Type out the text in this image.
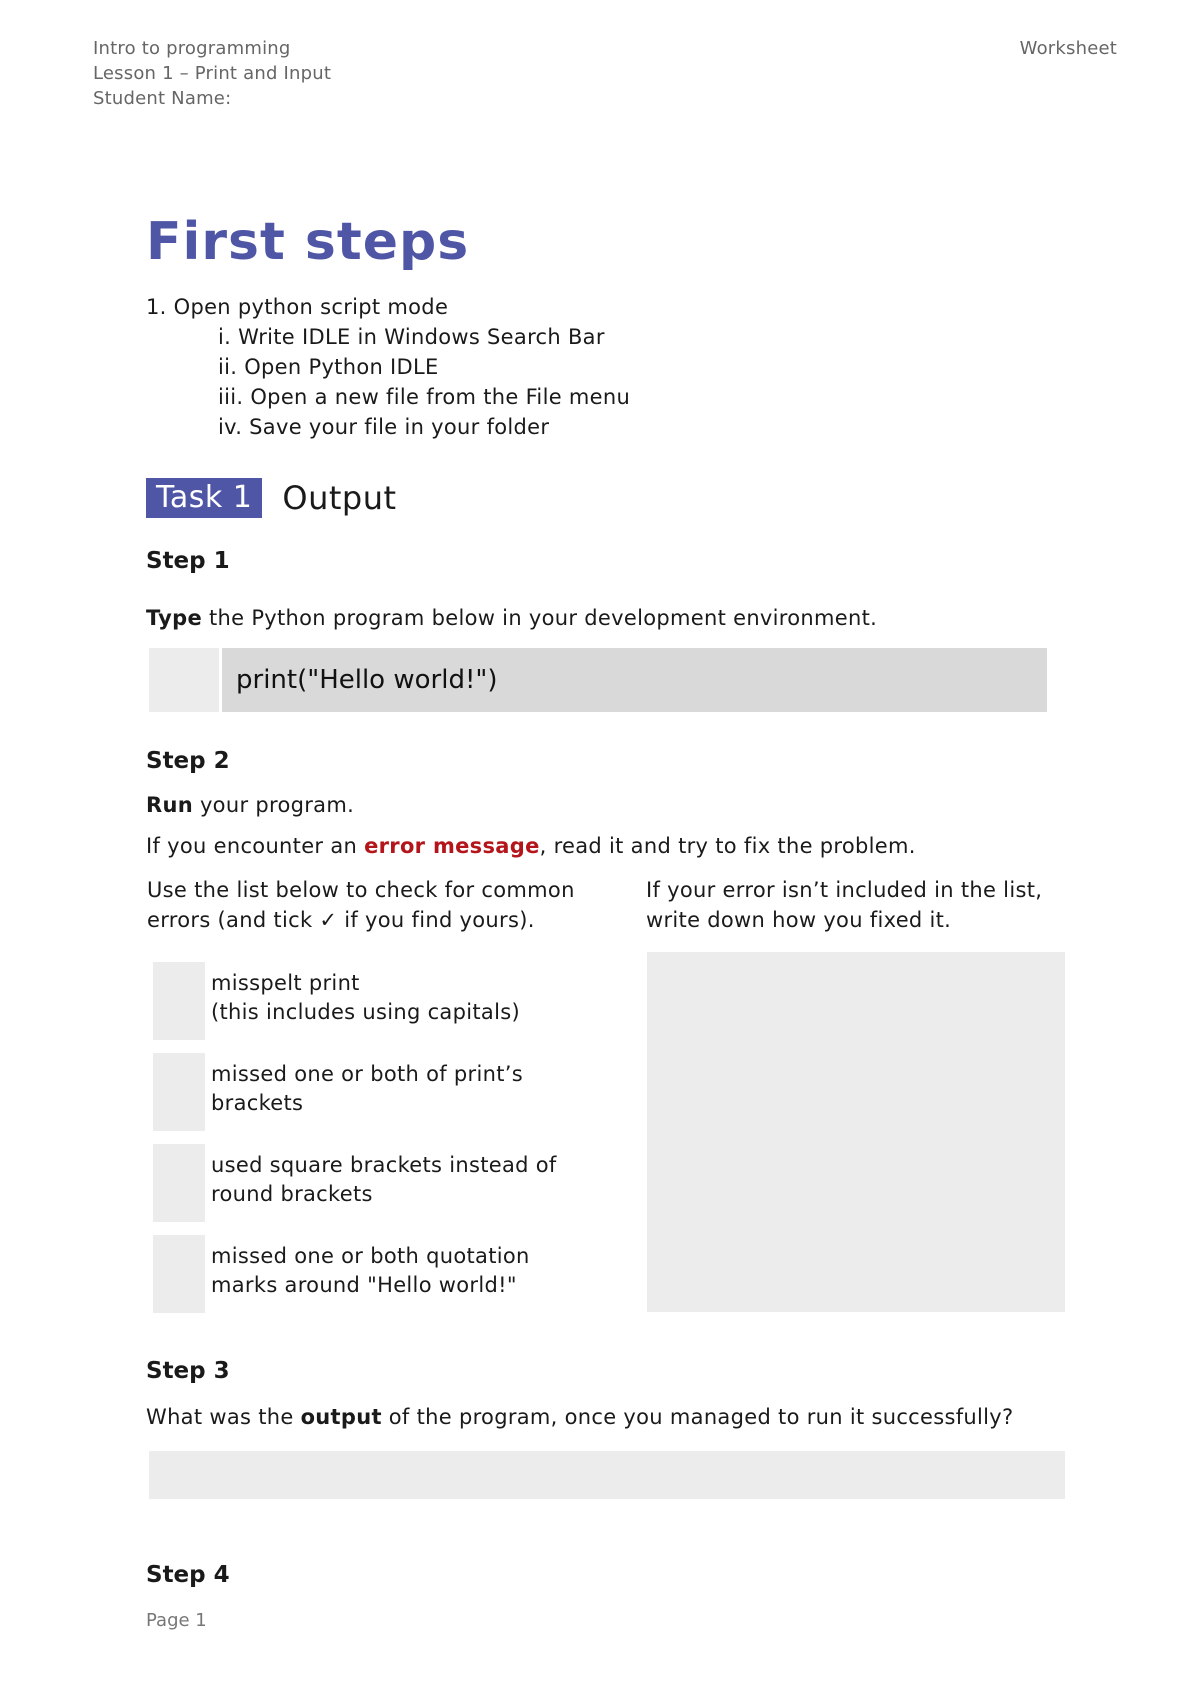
Intro to programming
Lesson 1 – Print and Input
Student Name:
Worksheet
First steps
1. Open python script mode
i. Write IDLE in Windows Search Bar
ii. Open Python IDLE
iii. Open a new file from the File menu
iv. Save your file in your folder
Task 1 Output
Step 1

Type the Python program below in your development environment.

print("Hello world!")
Step 2

Run your program.

If you encounter an error message, read it and try to fix the problem.

Use the list below to check for common
errors (and tick ✓ if you find yours).
If your error isn’t included in the list,
write down how you fixed it.
misspelt print
(this includes using capitals)
missed one or both of print’s
brackets
used square brackets instead of
round brackets
missed one or both quotation
marks around "Hello world!"
Step 3

What was the output of the program, once you managed to run it successfully?

Step 4
Page 1
